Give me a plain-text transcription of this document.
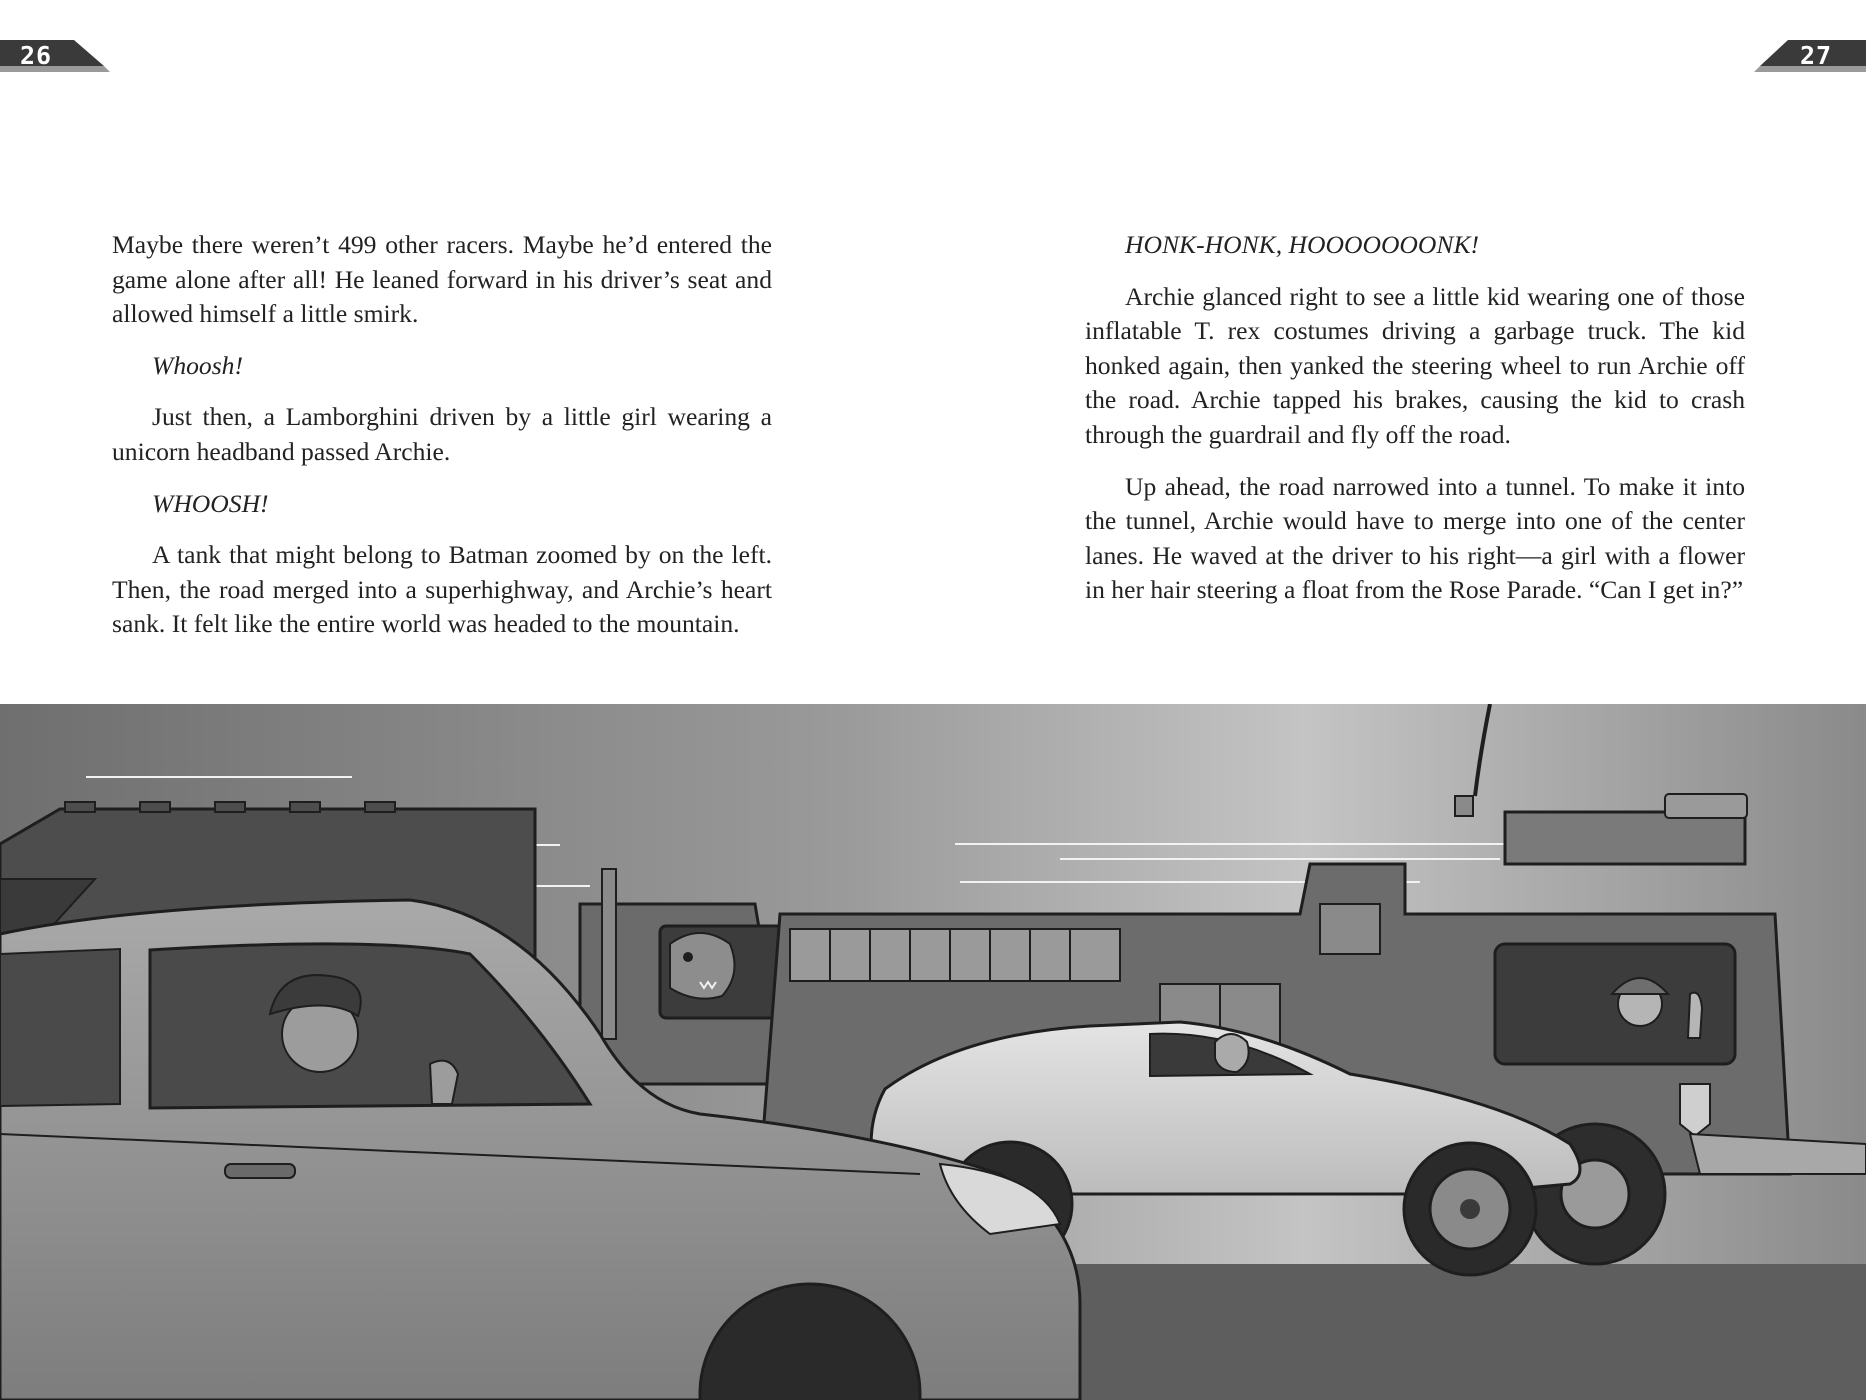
26	27

Maybe there weren’t 499 other racers. Maybe he’d entered the game alone after all! He leaned forward in his driver’s seat and allowed himself a little smirk.

Whoosh!

Just then, a Lamborghini driven by a little girl wearing a unicorn headband passed Archie.

WHOOSH!

A tank that might belong to Batman zoomed by on the left. Then, the road merged into a superhighway, and Archie’s heart sank. It felt like the entire world was headed to the mountain.

HONK-HONK, HOOOOOOONK!

Archie glanced right to see a little kid wearing one of those inflatable T. rex costumes driving a garbage truck. The kid honked again, then yanked the steering wheel to run Archie off the road. Archie tapped his brakes, causing the kid to crash through the guardrail and fly off the road.

Up ahead, the road narrowed into a tunnel. To make it into the tunnel, Archie would have to merge into one of the center lanes. He waved at the driver to his right—a girl with a flower in her hair steering a float from the Rose Parade. “Can I get in?”
